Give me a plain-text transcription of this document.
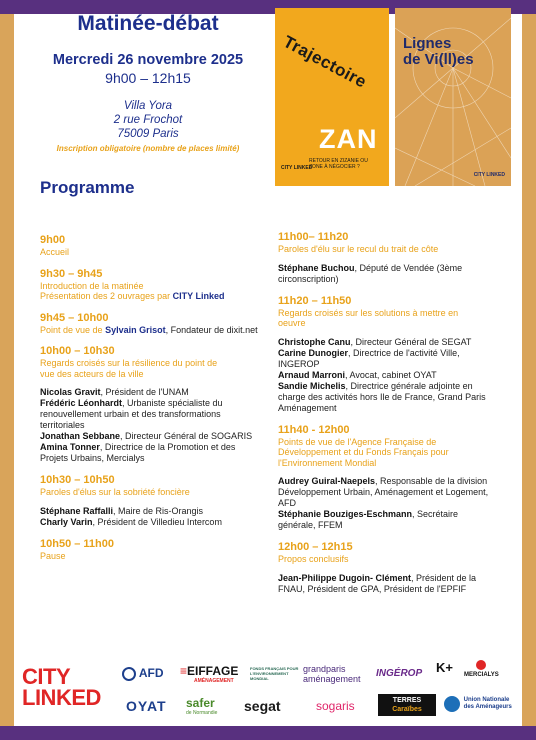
Matinée-débat
Mercredi 26 novembre 2025
9h00 – 12h15
Villa Yora
2 rue Frochot
75009 Paris
Inscription obligatoire (nombre de places limité)
Trajectoire
ZAN
RETOUR EN ZIZANIE OU ZONE À NÉGOCIER ?
CITY LINKED
Lignes
de Vi(ll)es
CITY LINKED
Programme
9h00
Accueil
9h30 – 9h45
Introduction de la matinée
Présentation des 2 ouvrages par CITY Linked
9h45 – 10h00
Point de vue de Sylvain Grisot, Fondateur de dixit.net
10h00 – 10h30
Regards croisés sur la résilience du point de
vue des acteurs de la ville
Nicolas Gravit, Président de l'UNAM
Frédéric Léonhardt, Urbaniste spécialiste du renouvellement urbain et des transformations territoriales
Jonathan Sebbane, Directeur Général de SOGARIS
Amina Tonner, Directrice de la Promotion et des Projets Urbains, Mercialys
10h30 – 10h50
Paroles d'élus sur la sobriété foncière
Stéphane Raffalli, Maire de Ris-Orangis
Charly Varin, Président de Villedieu Intercom
10h50 – 11h00
Pause
11h00– 11h20
Paroles d'élu sur le recul du trait de côte
Stéphane Buchou, Député de Vendée (3ème circonscription)
11h20 – 11h50
Regards croisés sur les solutions à mettre en
oeuvre
Christophe Canu, Directeur Général de SEGAT
Carine Dunogier, Directrice de l'activité Ville, INGEROP
Arnaud Marroni, Avocat, cabinet OYAT
Sandie Michelis, Directrice générale adjointe en charge des activités hors Ile de France, Grand Paris Aménagement
11h40 - 12h00
Points de vue de l'Agence Française de
Développement et du Fonds Français pour
l'Environnement Mondial
Audrey Guiral-Naepels, Responsable de la division Développement Urbain, Aménagement et Logement, AFD
Stéphanie Bouziges-Eschmann, Secrétaire générale, FFEM
12h00 – 12h15
Propos conclusifs
Jean-Philippe Dugoin- Clément, Président de la FNAU, Président de GPA, Président de l'EPFIF
CITY
LINKED
AFD ≡EIFFAGE
AMÉNAGEMENT
FONDS FRANÇAIS POUR L'ENVIRONNEMENT MONDIAL
grandparis
aménagement INGÉROP K+ MERCIALYS
OYAT safer
de Normandie segat	sogaris	TERRES
Caraïbes
Union Nationale
des Aménageurs
